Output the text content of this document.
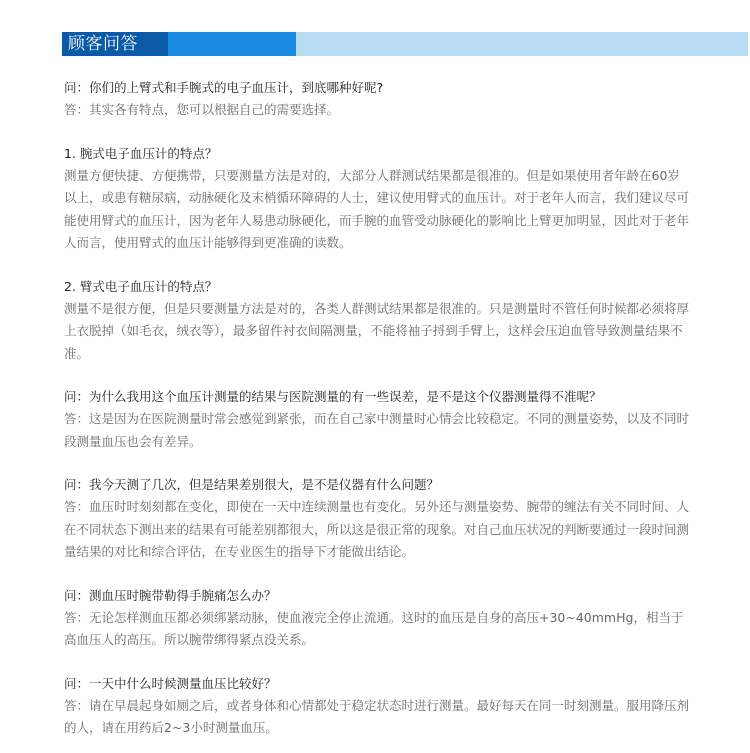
顾客问答
问：你们的上臂式和手腕式的电子血压计，到底哪种好呢?
答：其实各有特点，您可以根据自己的需要选择。
1. 腕式电子血压计的特点？
测量方便快捷、方便携带，只要测量方法是对的，大部分人群测试结果都是很准的。但是如果使用者年龄在60岁以上，或患有糖尿病，动脉硬化及末梢循环障碍的人士，建议使用臂式的血压计。对于老年人而言，我们建议尽可能使用臂式的血压计，因为老年人易患动脉硬化，而手腕的血管受动脉硬化的影响比上臂更加明显，因此对于老年人而言，使用臂式的血压计能够得到更准确的读数。
2. 臂式电子血压计的特点？
测量不是很方便，但是只要测量方法是对的，各类人群测试结果都是很准的。只是测量时不管任何时候都必须将厚上衣脱掉（如毛衣，绒衣等），最多留件衬衣间隔测量，不能将袖子捋到手臂上，这样会压迫血管导致测量结果不准。
问：为什么我用这个血压计测量的结果与医院测量的有一些误差，是不是这个仪器测量得不准呢？
答：这是因为在医院测量时常会感觉到紧张，而在自己家中测量时心情会比较稳定。不同的测量姿势，以及不同时段测量血压也会有差异。
问：我今天测了几次，但是结果差别很大，是不是仪器有什么问题？
答：血压时时刻刻都在变化，即使在一天中连续测量也有变化。另外还与测量姿势、腕带的缠法有关不同时间、人在不同状态下测出来的结果有可能差别都很大，所以这是很正常的现象。对自己血压状况的判断要通过一段时间测量结果的对比和综合评估，在专业医生的指导下才能做出结论。
问：测血压时腕带勒得手腕痛怎么办？
答：无论怎样测血压都必须绑紧动脉，使血液完全停止流通。这时的血压是自身的高压+30~40mmHg，相当于高血压人的高压。所以腕带绑得紧点没关系。
问：一天中什么时候测量血压比较好？
答：请在早晨起身如厕之后，或者身体和心情都处于稳定状态时进行测量。最好每天在同一时刻测量。服用降压剂的人，请在用药后2~3小时测量血压。
